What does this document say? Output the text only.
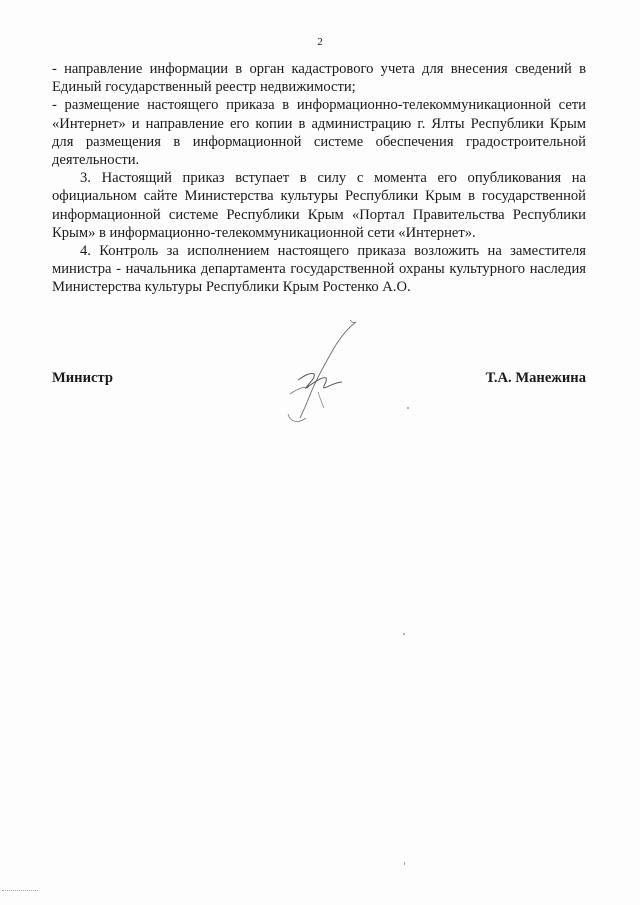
2

- направление информации в орган кадастрового учета для внесения сведений в Единый государственный реестр недвижимости;

- размещение настоящего приказа в информационно-телекоммуникационной сети «Интернет» и направление его копии в администрацию г. Ялты Республики Крым для размещения в информационной системе обеспечения градостроительной деятельности.

3. Настоящий приказ вступает в силу с момента его опубликования на официальном сайте Министерства культуры Республики Крым в государственной информационной системе Республики Крым «Портал Правительства Республики Крым» в информационно-телекоммуникационной сети «Интернет».

4. Контроль за исполнением настоящего приказа возложить на заместителя министра - начальника департамента государственной охраны культурного наследия Министерства культуры Республики Крым Ростенко А.О.

Министр	Т.А. Манежина
